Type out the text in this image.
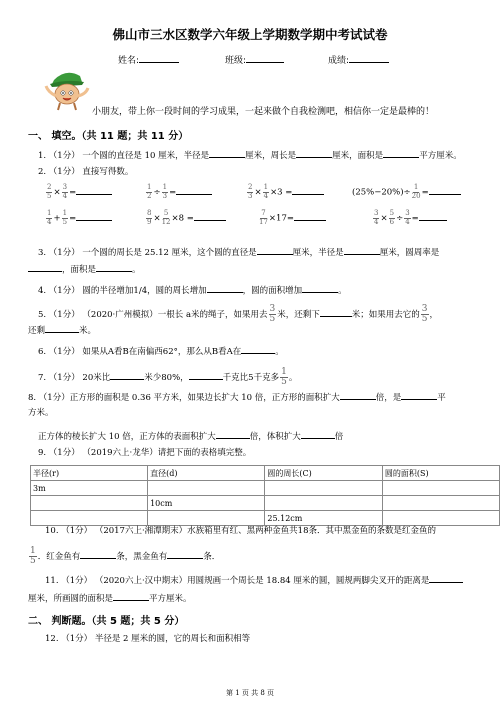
佛山市三水区数学六年级上学期数学期中考试试卷
姓名:	班级:	成绩:
小朋友，带上你一段时间的学习成果，一起来做个自我检测吧，相信你一定是最棒的！
一、 填空。（共 11 题；共 11 分）
1. （1分） 一个圆的直径是 10 厘米，半径是	厘米，周长是	厘米，面积是	平方厘米。
2. （1分） 直接写得数。
$\frac{2}{5} \times \frac{3}{4}$ =	$\frac{1}{2} \div \frac{1}{3}$ =	$\frac{2}{3} \times \frac{1}{4} \times 3$ =	$(25\%-20\%)\div \frac{1}{20}$ =
$\frac{1}{4} + \frac{1}{5}$ =	$\frac{8}{9} \times \frac{5}{12} \times 8$ =	$\frac{7}{17} \times 17=$	$\frac{3}{4} \times \frac{5}{6} \div \frac{3}{4}$ =
3. （1分） 一个圆的周长是 25.12 厘米，这个圆的直径是	厘米，半径是	厘米，圆周率是
，面积是	。
4. （1分） 圆的半径增加1/4，圆的周长增加	，圆的面积增加	。
5. （1分） （2020·广州模拟）一根长 a米的绳子，如果用去 $\frac{3}{5}$ 米，还剩下	米；如果用去它的 $\frac{3}{5}$ ，
还剩	米。
6. （1分） 如果从A看B在南偏西62°，那么从B看A在	。
7. （1分） 20米比	米少80%，	千克比5千克多 $\frac{1}{5}$ 。
8. （1分）正方形的面积是 0.36 平方米，如果边长扩大 10 倍，正方形的面积扩大	倍，是	平
方米。
正方体的棱长扩大 10 倍，正方体的表面积扩大	倍，体积扩大	倍
9. （1分） （2019六上·龙华）请把下面的表格填完整。
半径(r)	直径(d)	圆的周长(C)	圆的面积(S)
3m			
	10cm		
		25.12cm	
10. （1分） （2017六上·湘潭期末）水族箱里有红、黑两种金鱼共18条．其中黑金鱼的条数是红金鱼的
$\frac{1}{5}$ ．红金鱼有	条，黑金鱼有	条．
11. （1分） （2020六上·汉中期末）用圆规画一个周长是 18.84 厘米的圆，圆规两脚尖叉开的距离是
厘米，所画圆的面积是	平方厘米。
二、 判断题。（共 5 题；共 5 分）
12. （1分） 半径是 2 厘米的圆，它的周长和面积相等
第 1 页 共 8 页
